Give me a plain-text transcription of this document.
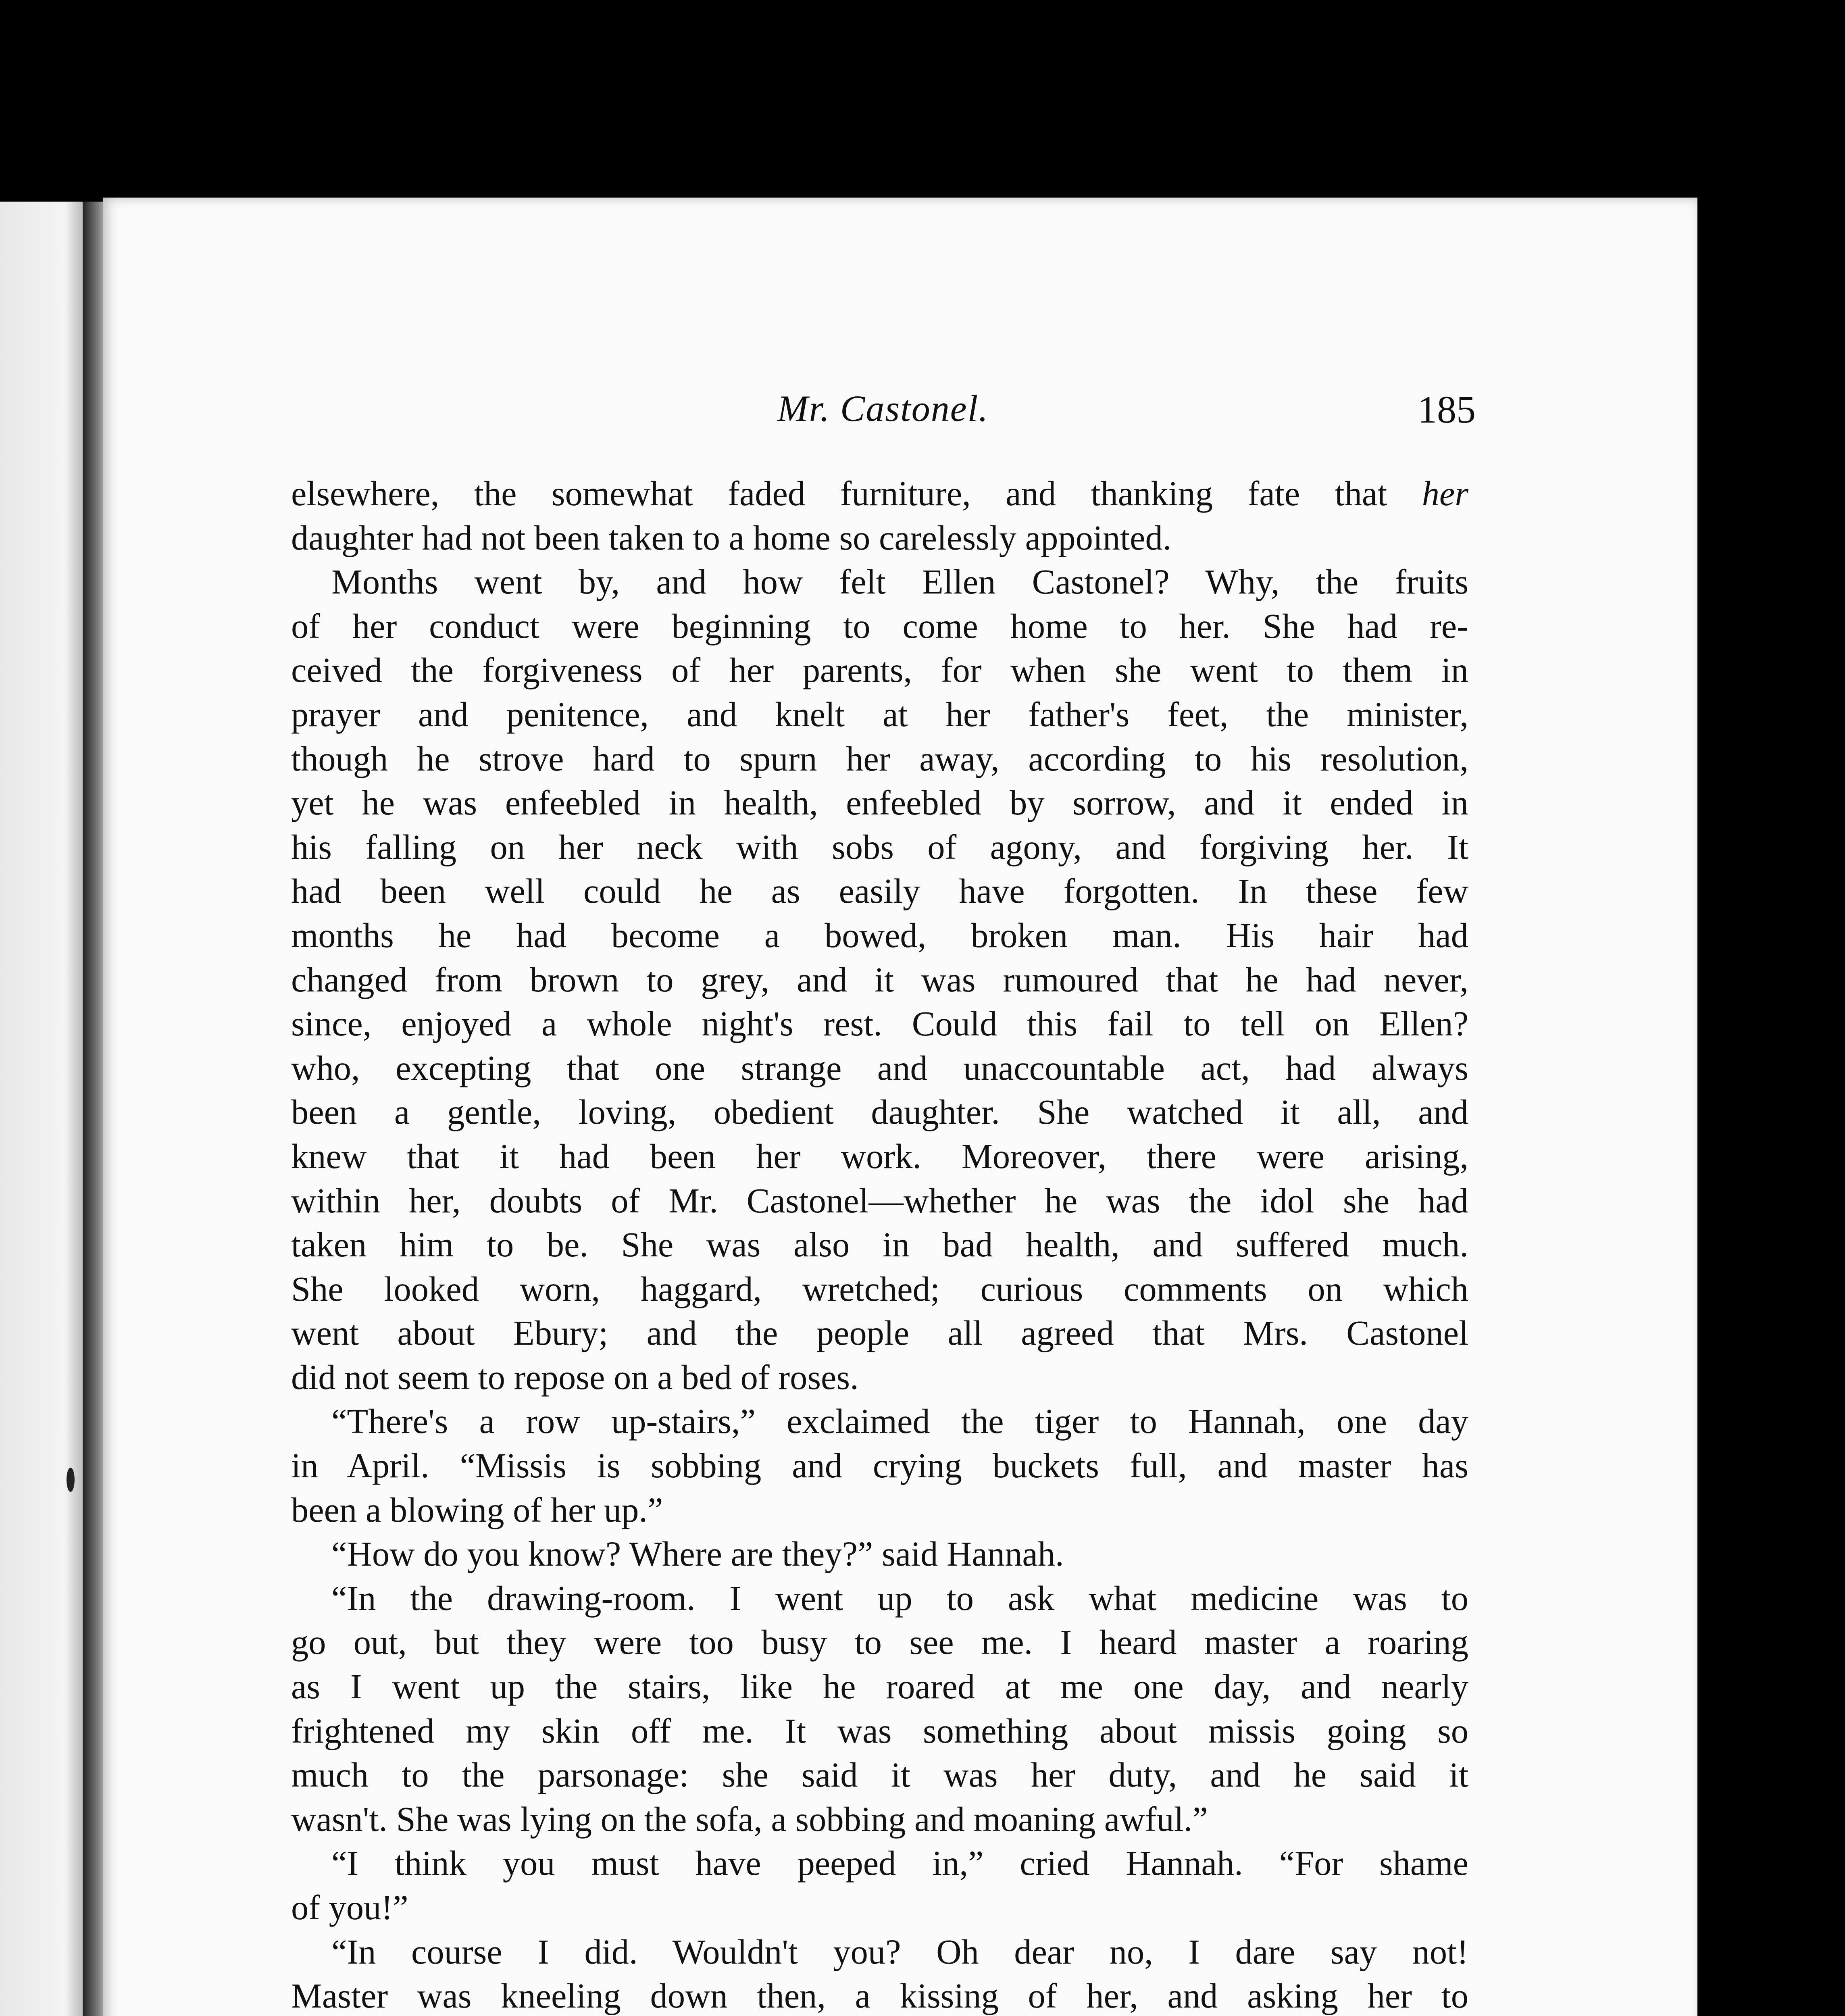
Mr. Castonel.	185
elsewhere, the somewhat faded furniture, and thanking fate that her
daughter had not been taken to a home so carelessly appointed.
Months went by, and how felt Ellen Castonel? Why, the fruits
of her conduct were beginning to come home to her. She had re-
ceived the forgiveness of her parents, for when she went to them in
prayer and penitence, and knelt at her father's feet, the minister,
though he strove hard to spurn her away, according to his resolution,
yet he was enfeebled in health, enfeebled by sorrow, and it ended in
his falling on her neck with sobs of agony, and forgiving her. It
had been well could he as easily have forgotten. In these few
months he had become a bowed, broken man. His hair had
changed from brown to grey, and it was rumoured that he had never,
since, enjoyed a whole night's rest. Could this fail to tell on Ellen?
who, excepting that one strange and unaccountable act, had always
been a gentle, loving, obedient daughter. She watched it all, and
knew that it had been her work. Moreover, there were arising,
within her, doubts of Mr. Castonel—whether he was the idol she had
taken him to be. She was also in bad health, and suffered much.
She looked worn, haggard, wretched; curious comments on which
went about Ebury; and the people all agreed that Mrs. Castonel
did not seem to repose on a bed of roses.
“There's a row up-stairs,” exclaimed the tiger to Hannah, one day
in April. “Missis is sobbing and crying buckets full, and master has
been a blowing of her up.”
“How do you know? Where are they?” said Hannah.
“In the drawing-room. I went up to ask what medicine was to
go out, but they were too busy to see me. I heard master a roaring
as I went up the stairs, like he roared at me one day, and nearly
frightened my skin off me. It was something about missis going so
much to the parsonage: she said it was her duty, and he said it
wasn't. She was lying on the sofa, a sobbing and moaning awful.”
“I think you must have peeped in,” cried Hannah. “For shame
of you!”
“In course I did. Wouldn't you? Oh dear no, I dare say not!
Master was kneeling down then, a kissing of her, and asking her to
